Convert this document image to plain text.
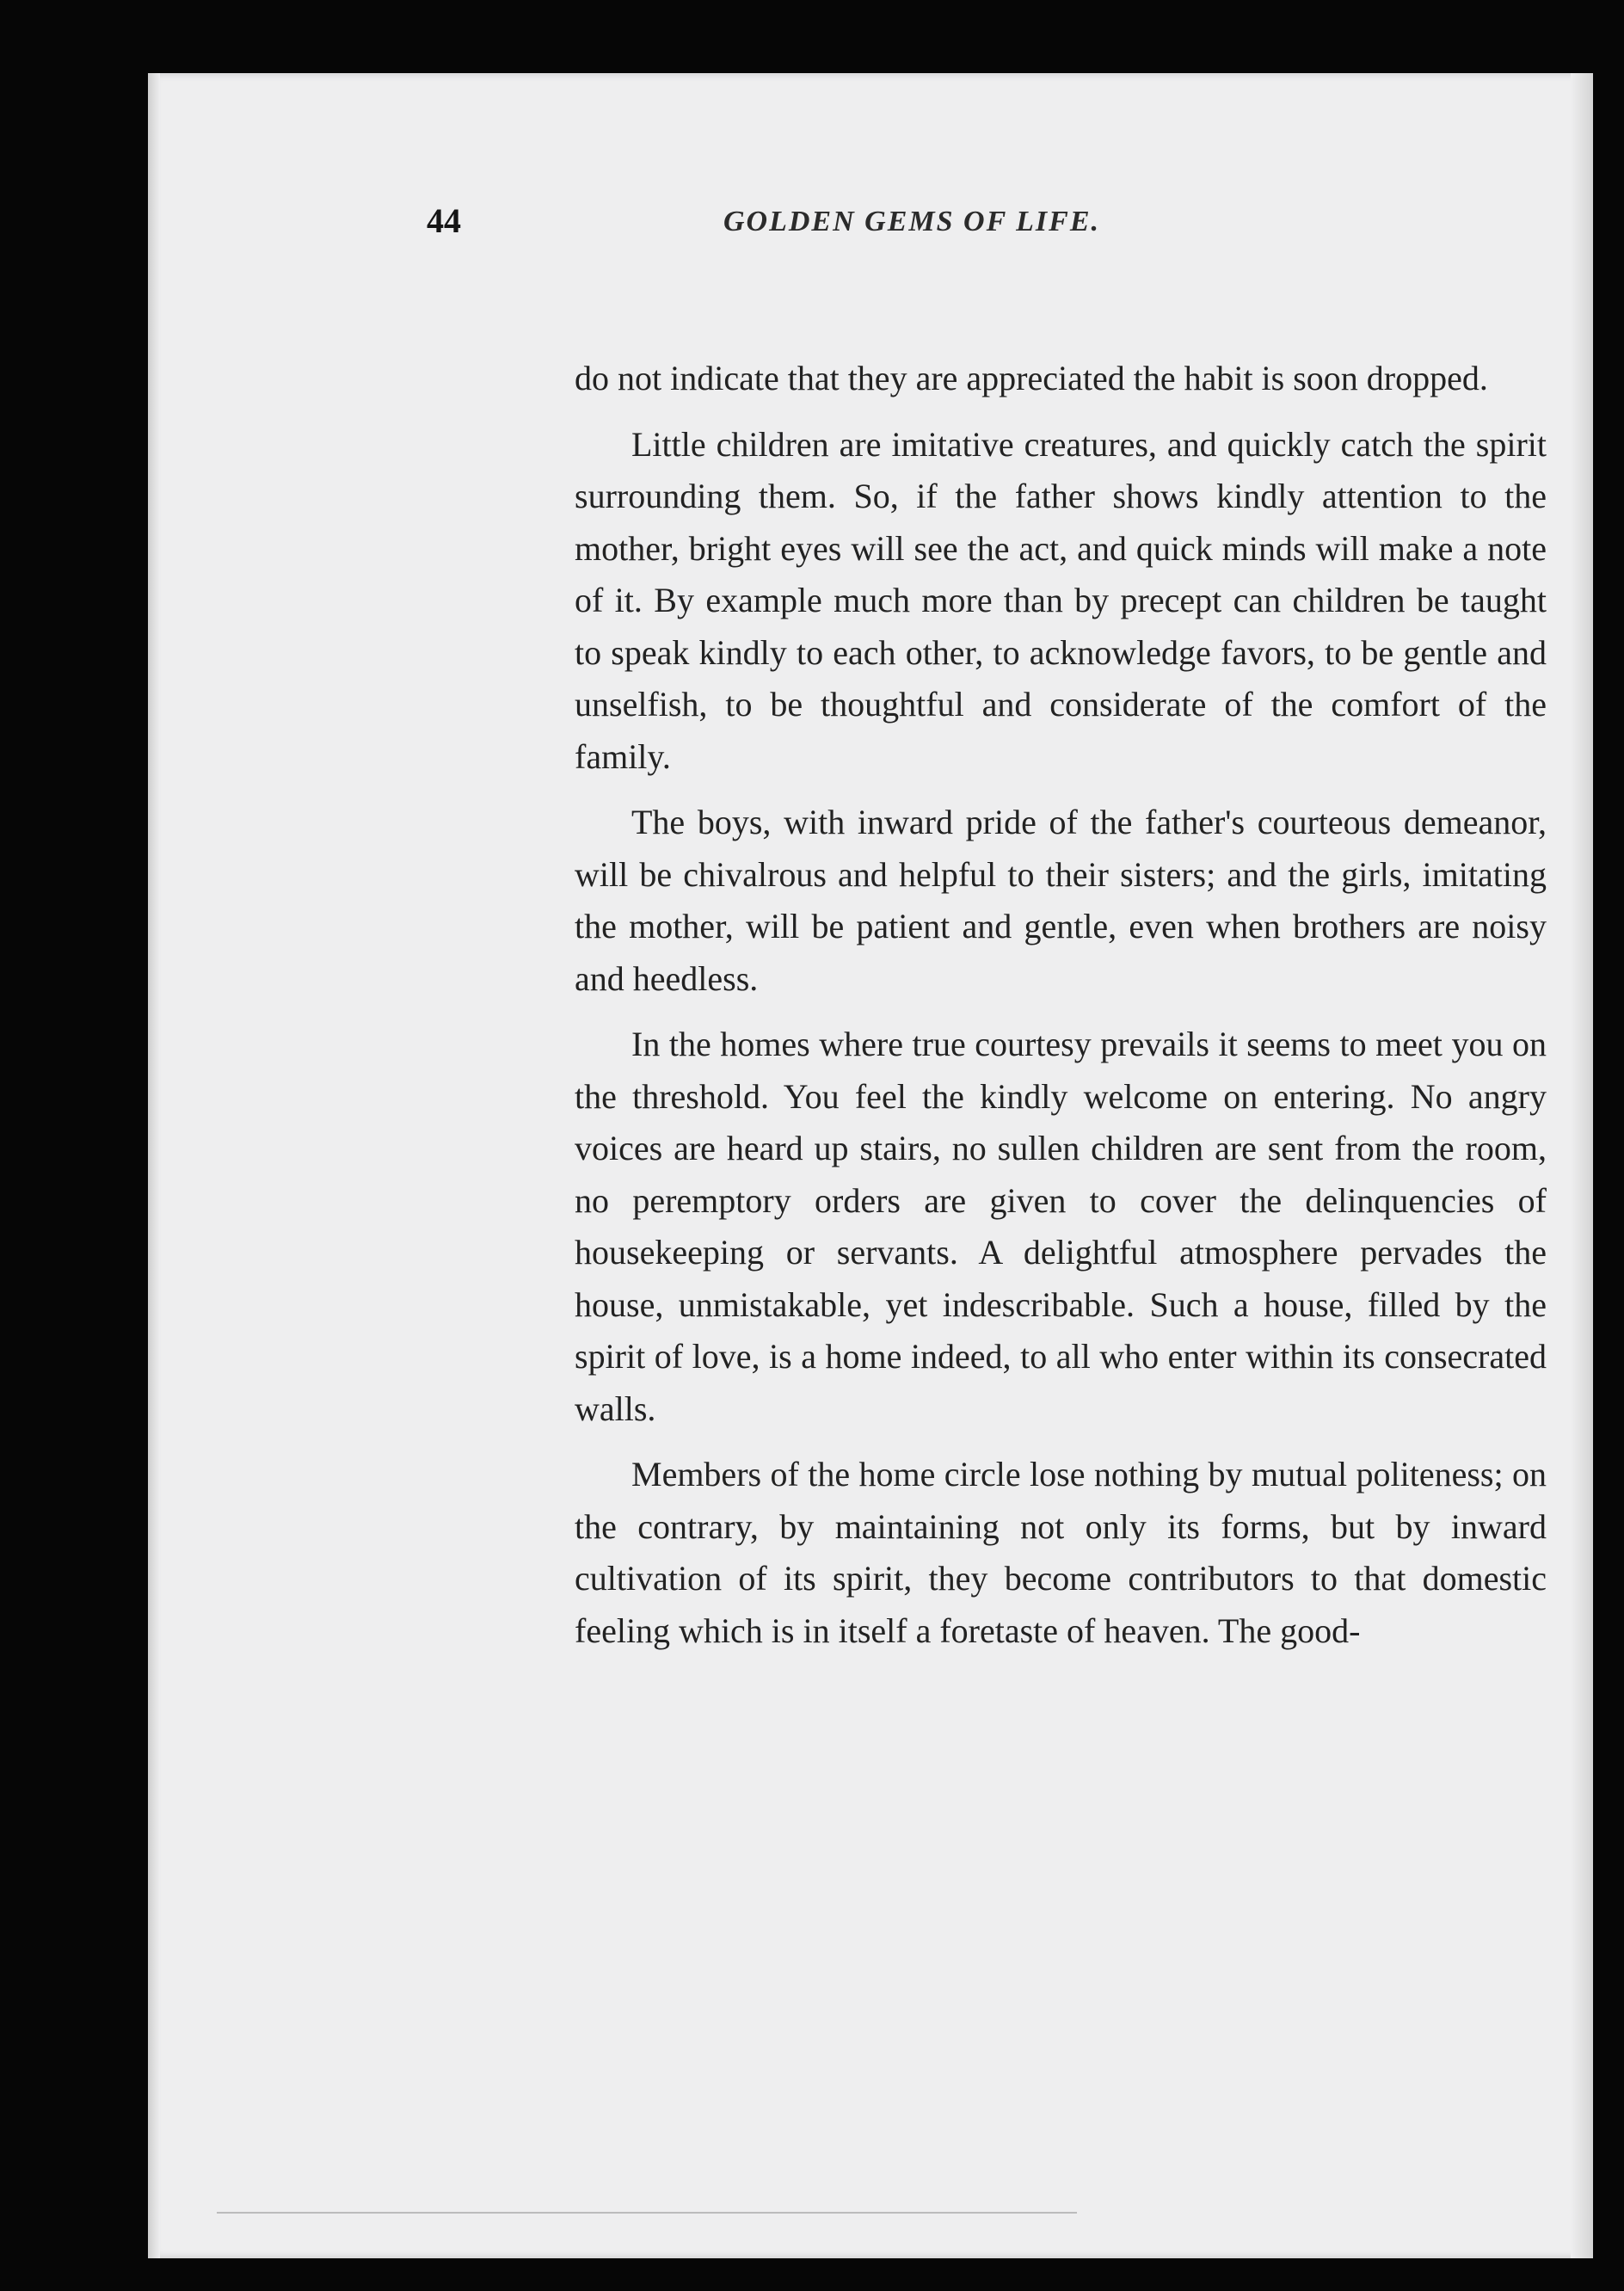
44	GOLDEN GEMS OF LIFE.

do not indicate that they are appreciated the habit is soon dropped.

Little children are imitative creatures, and quickly catch the spirit surrounding them. So, if the father shows kindly attention to the mother, bright eyes will see the act, and quick minds will make a note of it. By example much more than by precept can children be taught to speak kindly to each other, to acknowledge favors, to be gentle and unselfish, to be thoughtful and considerate of the comfort of the family.

The boys, with inward pride of the father's courteous demeanor, will be chivalrous and helpful to their sisters; and the girls, imitating the mother, will be patient and gentle, even when brothers are noisy and heedless.

In the homes where true courtesy prevails it seems to meet you on the threshold. You feel the kindly welcome on entering. No angry voices are heard up stairs, no sullen children are sent from the room, no peremptory orders are given to cover the delinquencies of housekeeping or servants. A delightful atmosphere pervades the house, unmistakable, yet indescribable. Such a house, filled by the spirit of love, is a home indeed, to all who enter within its consecrated walls.

Members of the home circle lose nothing by mutual politeness; on the contrary, by maintaining not only its forms, but by inward cultivation of its spirit, they become contributors to that domestic feeling which is in itself a foretaste of heaven. The good-
